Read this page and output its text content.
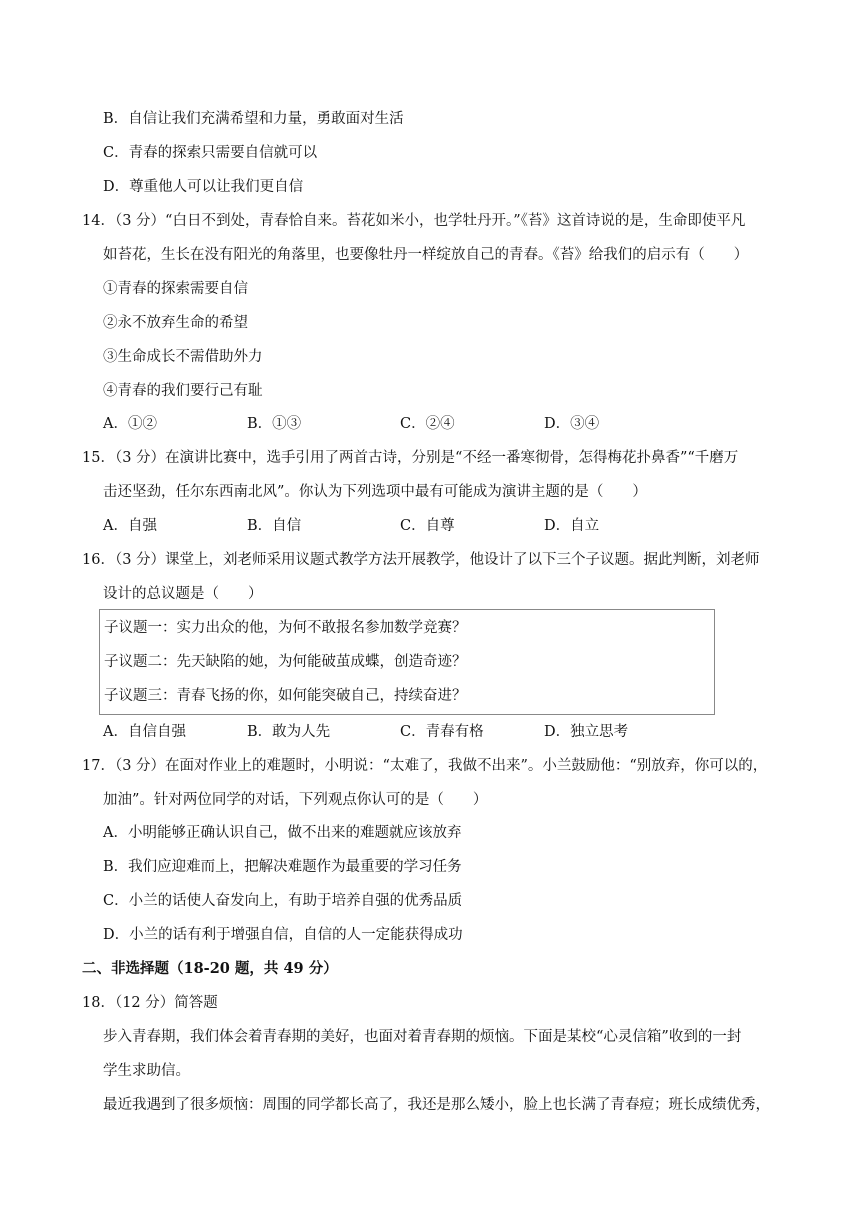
B．自信让我们充满希望和力量，勇敢面对生活
C．青春的探索只需要自信就可以
D．尊重他人可以让我们更自信
14．（3 分）“白日不到处，青春恰自来。苔花如米小，也学牡丹开。”《苔》这首诗说的是，生命即使平凡
如苔花，生长在没有阳光的角落里，也要像牡丹一样绽放自己的青春。《苔》给我们的启示有（　　）
①青春的探索需要自信
②永不放弃生命的希望
③生命成长不需借助外力
④青春的我们要行己有耻
A．①②	B．①③	C．②④	D．③④
15．（3 分）在演讲比赛中，选手引用了两首古诗，分别是“不经一番寒彻骨，怎得梅花扑鼻香”“千磨万
击还坚劲，任尔东西南北风”。你认为下列选项中最有可能成为演讲主题的是（　　）
A．自强	B．自信	C．自尊	D．自立
16．（3 分）课堂上，刘老师采用议题式教学方法开展教学，他设计了以下三个子议题。据此判断，刘老师
设计的总议题是（　　）
子议题一：实力出众的他，为何不敢报名参加数学竞赛？
子议题二：先天缺陷的她，为何能破茧成蝶，创造奇迹？
子议题三：青春飞扬的你，如何能突破自己，持续奋进？
A．自信自强	B．敢为人先	C．青春有格	D．独立思考
17．（3 分）在面对作业上的难题时，小明说：“太难了，我做不出来”。小兰鼓励他：“别放弃，你可以的，
加油”。针对两位同学的对话，下列观点你认可的是（　　）
A．小明能够正确认识自己，做不出来的难题就应该放弃
B．我们应迎难而上，把解决难题作为最重要的学习任务
C．小兰的话使人奋发向上，有助于培养自强的优秀品质
D．小兰的话有利于增强自信，自信的人一定能获得成功
二、非选择题（18-20 题，共 49 分）
18．（12 分）简答题
步入青春期，我们体会着青春期的美好，也面对着青春期的烦恼。下面是某校“心灵信箱”收到的一封
学生求助信。
最近我遇到了很多烦恼：周围的同学都长高了，我还是那么矮小，脸上也长满了青春痘；班长成绩优秀，
